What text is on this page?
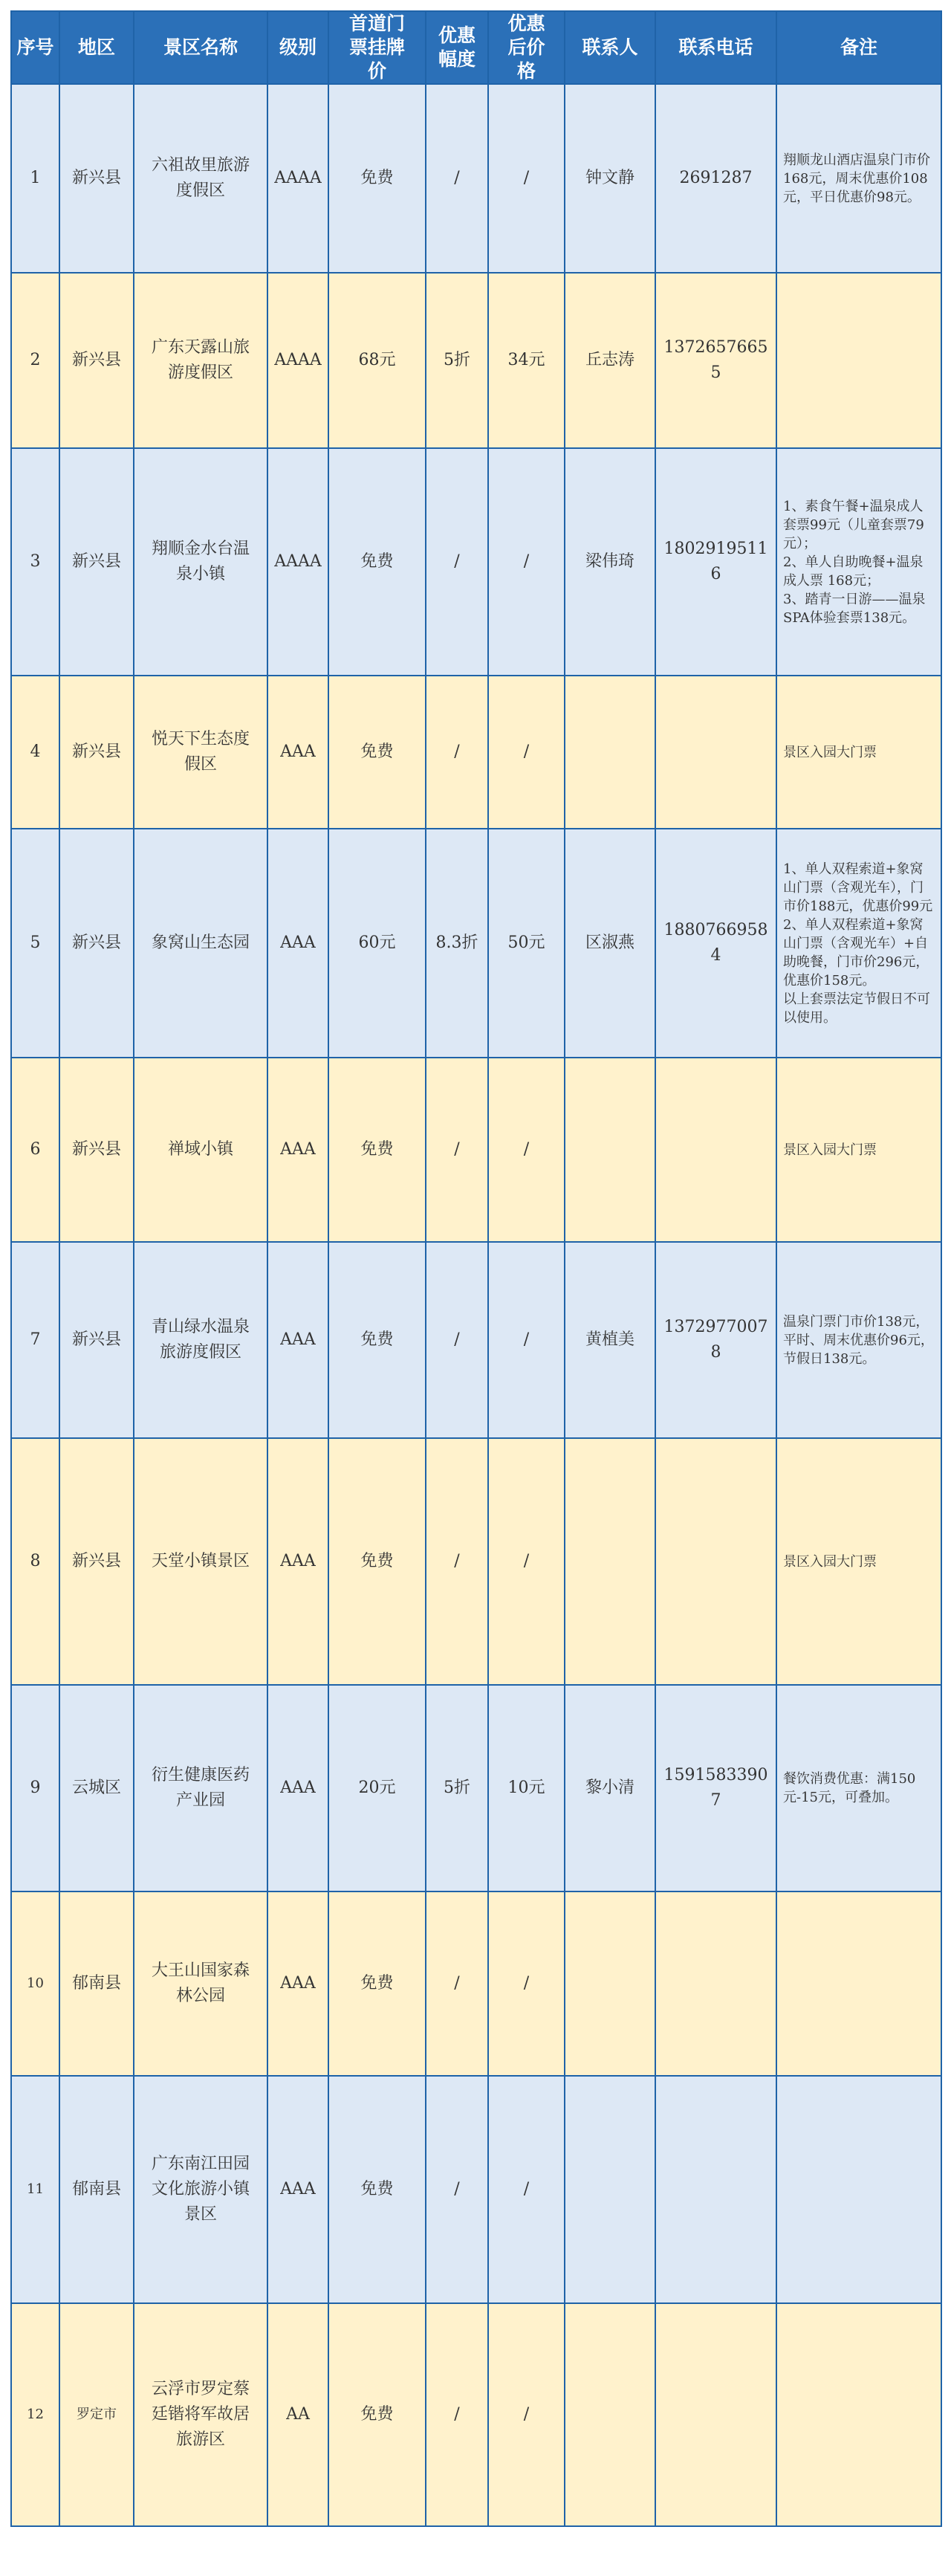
序号	地区	景区名称	级别	首道门票挂牌价	优惠幅度	优惠后价格	联系人	联系电话	备注
1	新兴县	六祖故里旅游度假区	AAAA	免费	/	/	钟文静	2691287	翔顺龙山酒店温泉门市价168元，周末优惠价108元，平日优惠价98元。
2	新兴县	广东天露山旅游度假区	AAAA	68元	5折	34元	丘志涛	13726576655	
3	新兴县	翔顺金水台温泉小镇	AAAA	免费	/	/	梁伟琦	18029195116	1、素食午餐+温泉成人套票99元（儿童套票79元）；
2、单人自助晚餐+温泉成人票 168元；
3、踏青一日游——温泉SPA体验套票138元。
4	新兴县	悦天下生态度假区	AAA	免费	/	/			景区入园大门票
5	新兴县	象窝山生态园	AAA	60元	8.3折	50元	区淑燕	18807669584	1、单人双程索道+象窝山门票（含观光车），门市价188元，优惠价99元
2、单人双程索道+象窝山门票（含观光车）+自助晚餐，门市价296元，优惠价158元。
以上套票法定节假日不可以使用。
6	新兴县	禅域小镇	AAA	免费	/	/			景区入园大门票
7	新兴县	青山绿水温泉旅游度假区	AAA	免费	/	/	黄植美	13729770078	温泉门票门市价138元，平时、周末优惠价96元，节假日138元。
8	新兴县	天堂小镇景区	AAA	免费	/	/			景区入园大门票
9	云城区	衍生健康医药产业园	AAA	20元	5折	10元	黎小清	15915833907	餐饮消费优惠：满150元-15元，可叠加。
10	郁南县	大王山国家森林公园	AAA	免费	/	/			
11	郁南县	广东南江田园文化旅游小镇景区	AAA	免费	/	/			
12	罗定市	云浮市罗定蔡廷锴将军故居旅游区	AA	免费	/	/			
